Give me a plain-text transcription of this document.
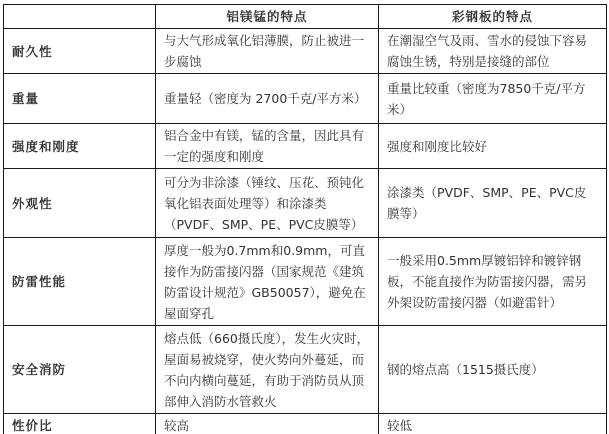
	铝镁锰的特点	彩钢板的特点
耐久性	与大气形成氧化铝薄膜，防止被进一步腐蚀	在潮湿空气及雨、雪水的侵蚀下容易腐蚀生锈，特别是接缝的部位
重量	重量轻（密度为 2700千克/平方米）	重量比较重（密度为7850千克/平方米）
强度和刚度	铝合金中有镁，锰的含量，因此具有一定的强度和刚度	强度和刚度比较好
外观性	可分为非涂漆（锤纹、压花、预钝化氧化铝表面处理等）和涂漆类（PVDF、SMP、PE、PVC皮膜等）	涂漆类（PVDF、SMP、PE、PVC皮膜等）
防雷性能	厚度一般为0.7mm和0.9mm，可直接作为防雷接闪器（国家规范《建筑防雷设计规范》GB50057），避免在屋面穿孔	一般采用0.5mm厚镀铝锌和镀锌钢板，不能直接作为防雷接闪器，需另外架设防雷接闪器（如避雷针）
安全消防	熔点低（660摄氏度），发生火灾时，屋面易被烧穿，使火势向外蔓延，而不向内横向蔓延，有助于消防员从顶部伸入消防水管救火	钢的熔点高（1515摄氏度）
性价比	较高	较低
